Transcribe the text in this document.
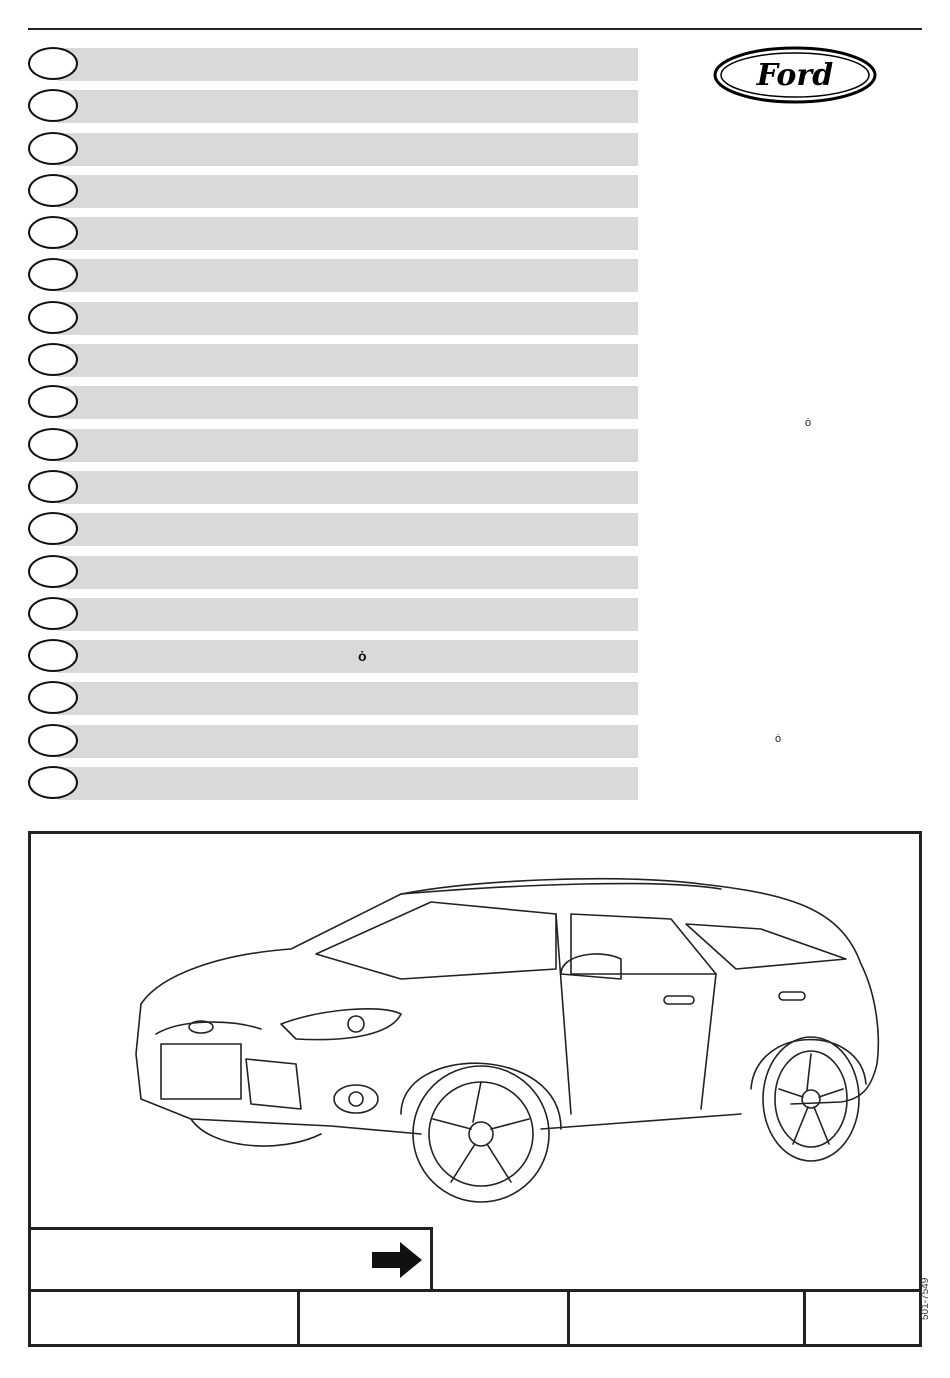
ȯ
Ford
ȯ
ȯ
501-7549
